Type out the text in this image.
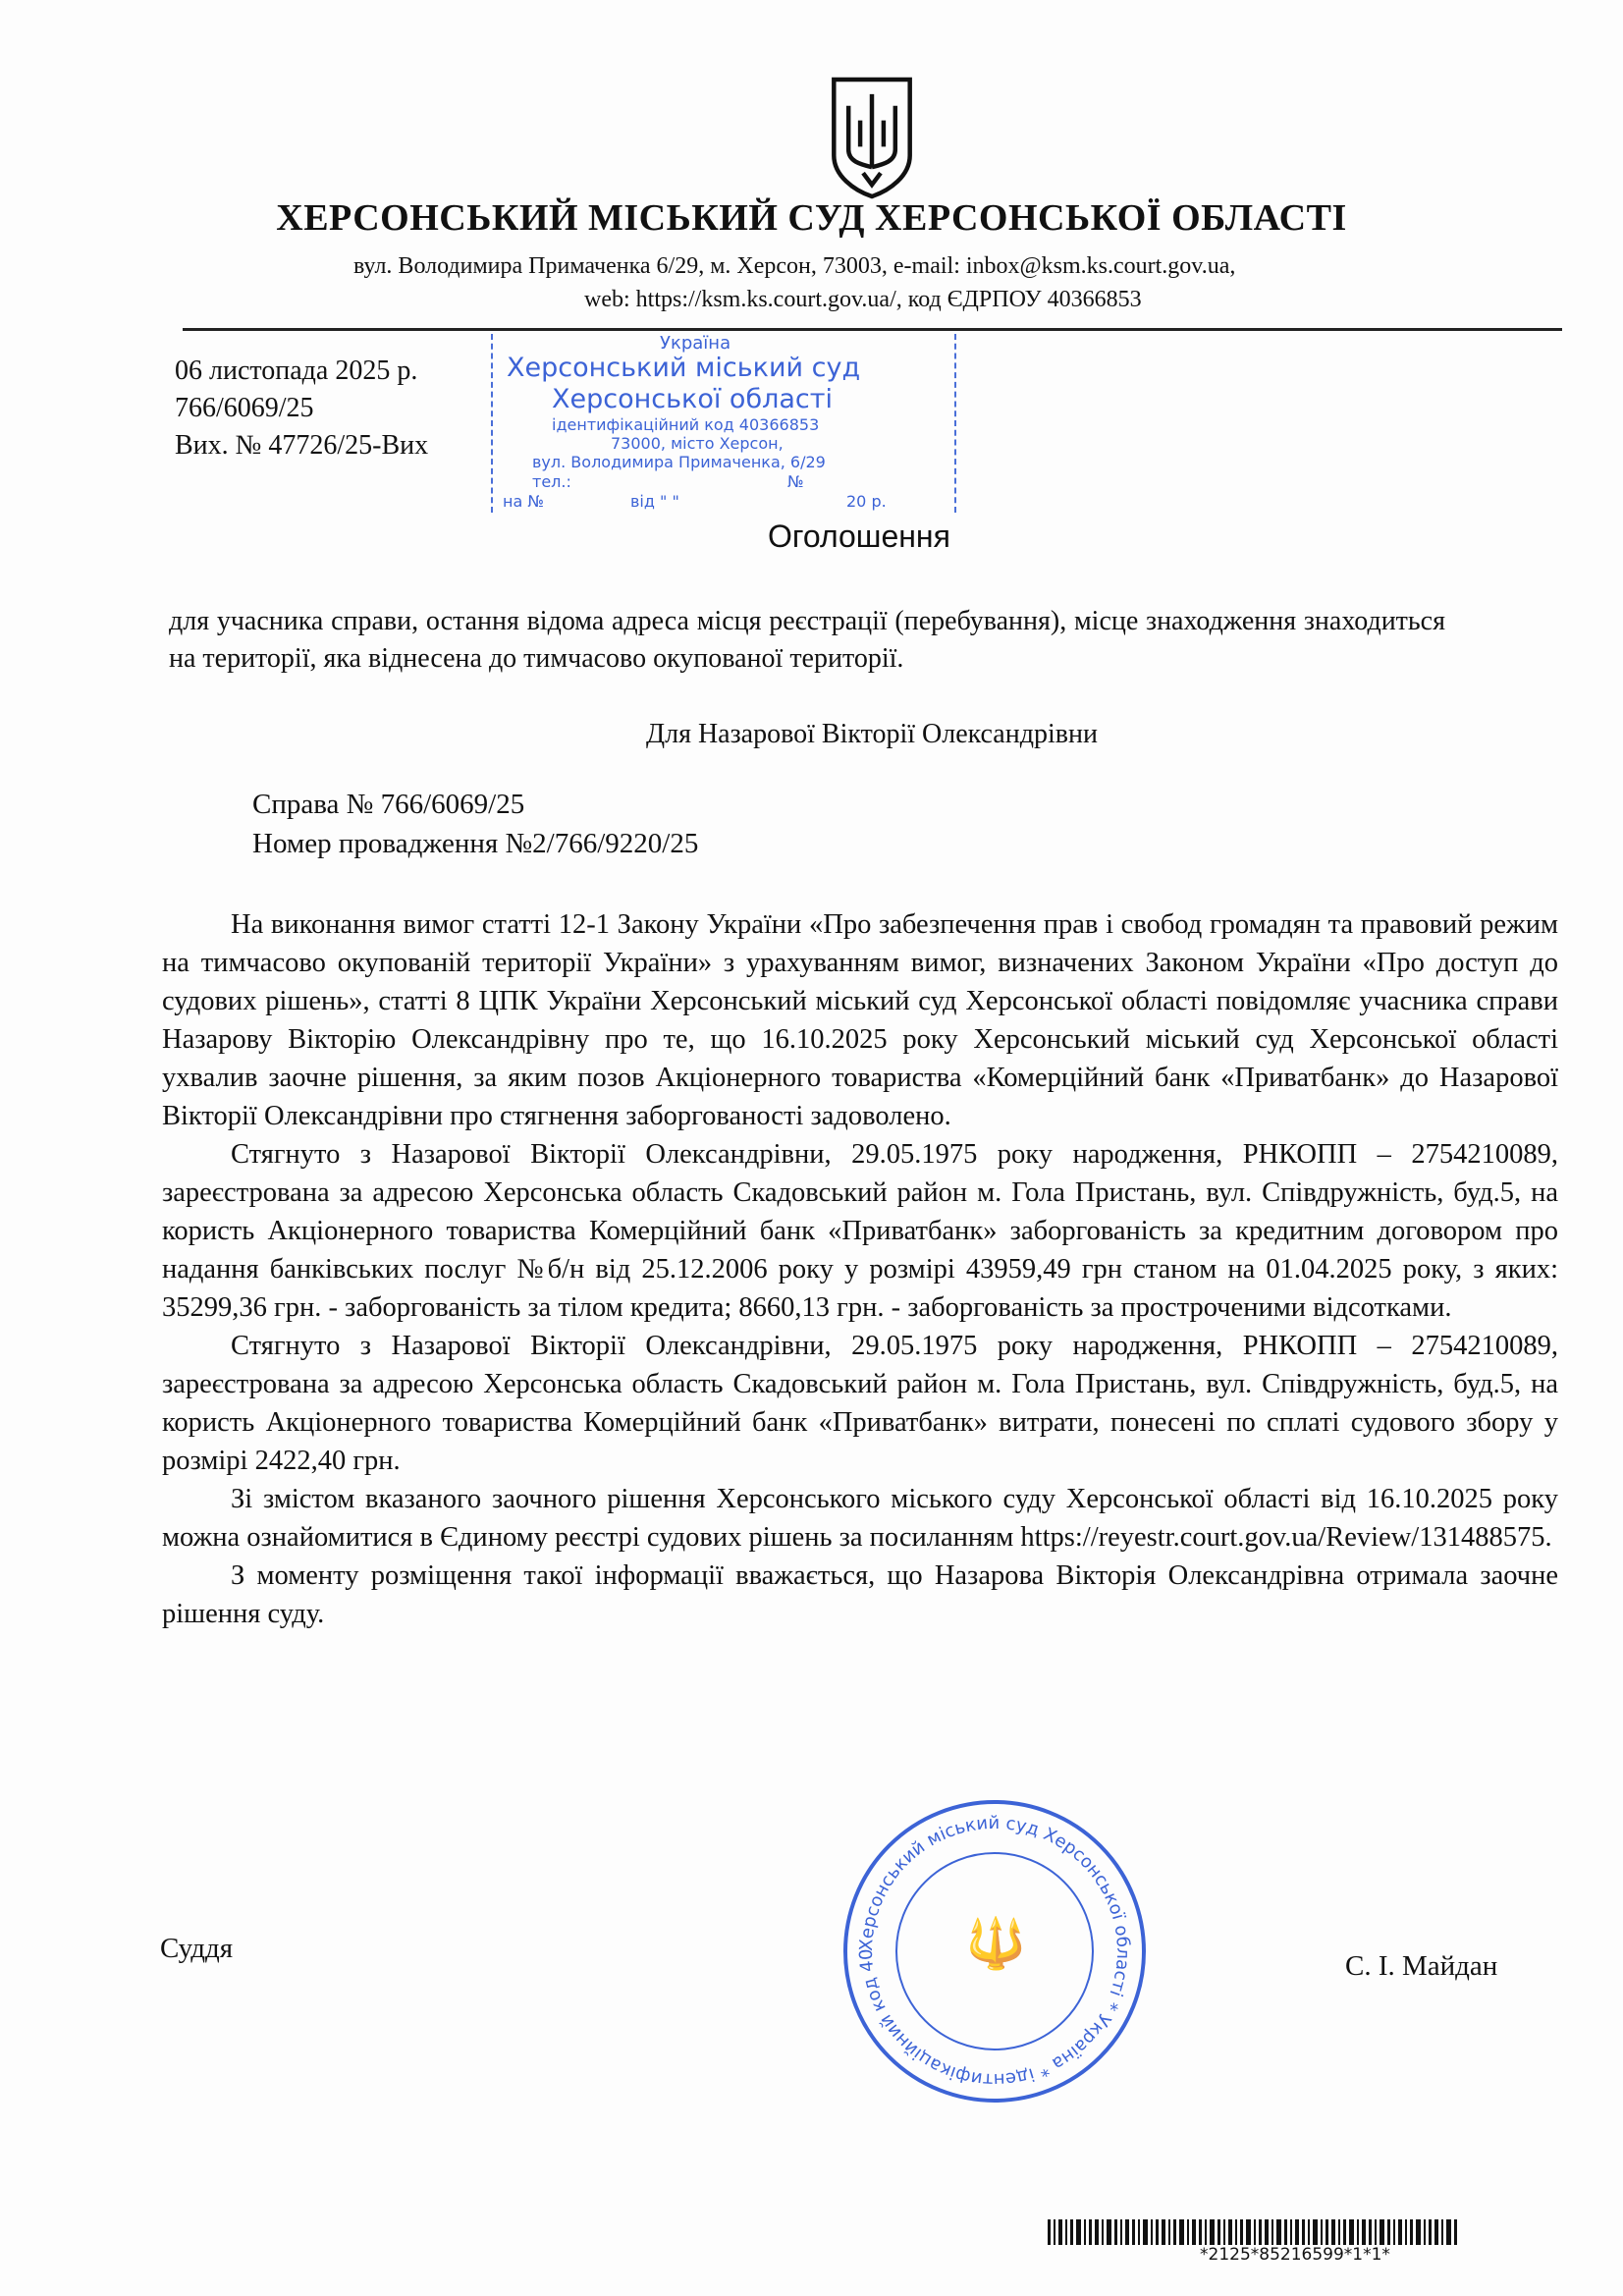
ХЕРСОНСЬКИЙ МІСЬКИЙ СУД ХЕРСОНСЬКОЇ ОБЛАСТІ
вул. Володимира Примаченка 6/29, м. Херсон, 73003, e-mail: inbox@ksm.ks.court.gov.ua,
web: https://ksm.ks.court.gov.ua/, код ЄДРПОУ 40366853
Україна
Херсонський міський суд
Херсонської області
ідентифікаційний код 40366853
73000, місто Херсон,
вул. Володимира Примаченка, 6/29
тел.:	№
на №	від " "	20 р.
06 листопада 2025 р.
766/6069/25
Вих. № 47726/25-Вих
Оголошення
для учасника справи, остання відома адреса місця реєстрації (перебування), місце знаходження знаходиться на території, яка віднесена до тимчасово окупованої території.
Для Назарової Вікторії Олександрівни
Справа № 766/6069/25
Номер провадження №2/766/9220/25

На виконання вимог статті 12-1 Закону України «Про забезпечення прав і свобод громадян та правовий режим на тимчасово окупованій території України» з урахуванням вимог, визначених Законом України «Про доступ до судових рішень», статті 8 ЦПК України Херсонський міський суд Херсонської області повідомляє учасника справи Назарову Вікторію Олександрівну про те, що 16.10.2025 року Херсонський міський суд Херсонської області ухвалив заочне рішення, за яким позов Акціонерного товариства «Комерційний банк «Приватбанк» до Назарової Вікторії Олександрівни про стягнення заборгованості задоволено.

Стягнуто з Назарової Вікторії Олександрівни, 29.05.1975 року народження, РНКОПП – 2754210089, зареєстрована за адресою Херсонська область Скадовський район м. Гола Пристань, вул. Співдружність, буд.5, на користь Акціонерного товариства Комерційний банк «Приватбанк» заборгованість за кредитним договором про надання банківських послуг №б/н від 25.12.2006 року у розмірі 43959,49 грн станом на 01.04.2025 року, з яких: 35299,36 грн. - заборгованість за тілом кредита; 8660,13 грн. - заборгованість за простроченими відсотками.

Стягнуто з Назарової Вікторії Олександрівни, 29.05.1975 року народження, РНКОПП – 2754210089, зареєстрована за адресою Херсонська область Скадовський район м. Гола Пристань, вул. Співдружність, буд.5, на користь Акціонерного товариства Комерційний банк «Приватбанк» витрати, понесені по сплаті судового збору у розмірі 2422,40 грн.

Зі змістом вказаного заочного рішення Херсонського міського суду Херсонської області від 16.10.2025 року можна ознайомитися в Єдиному реєстрі судових рішень за посиланням https://reyestr.court.gov.ua/Review/131488575.

З моменту розміщення такої інформації вважається, що Назарова Вікторія Олександрівна отримала заочне рішення суду.

Херсонський міський суд Херсонської області * Україна * ідентифікаційний код 40	🔱
Суддя
С. І. Майдан
*2125*85216599*1*1*
